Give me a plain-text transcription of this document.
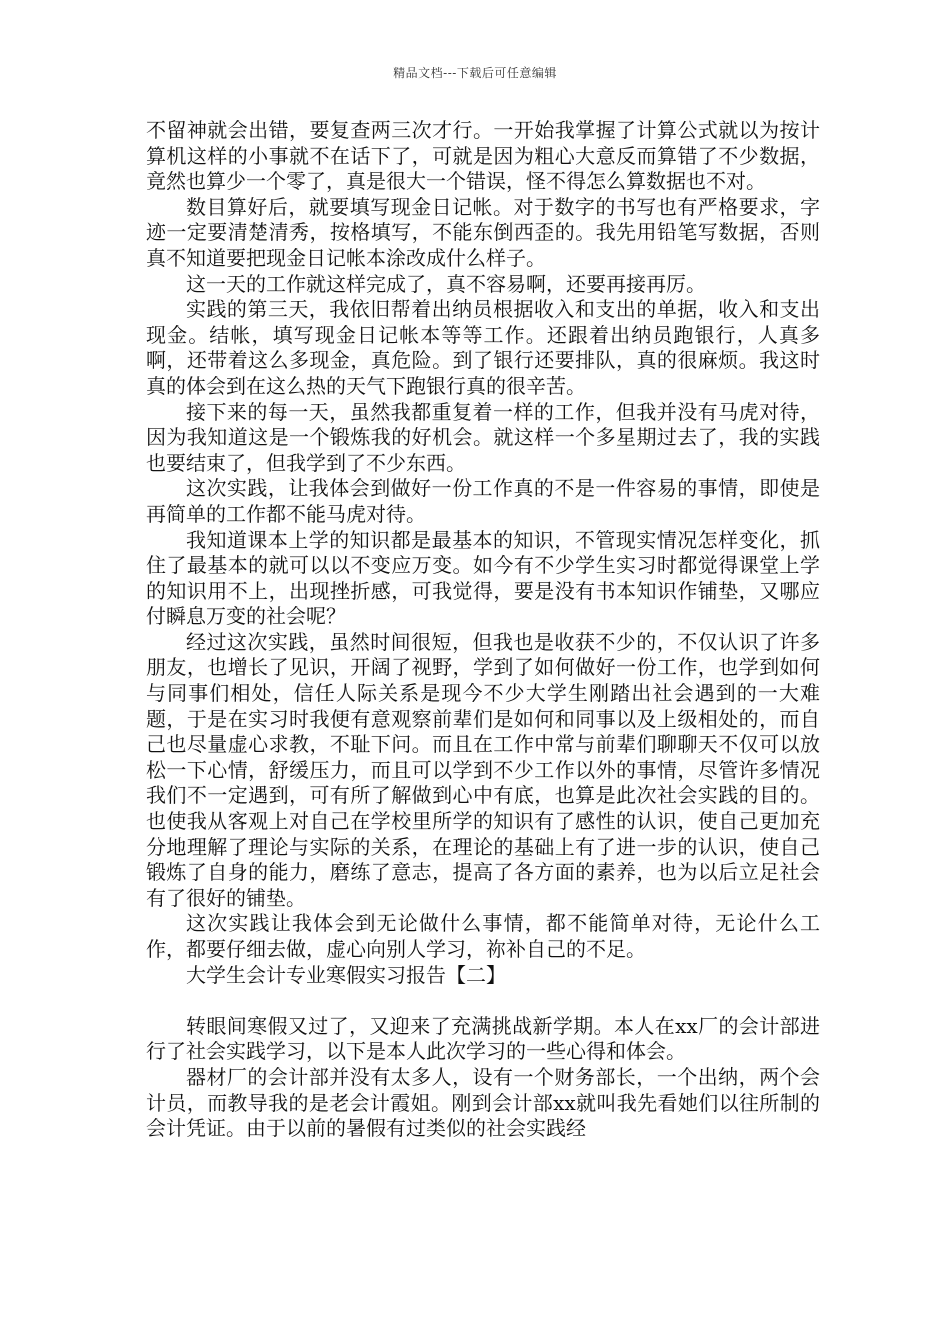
精品文档---下载后可任意编辑

不留神就会出错，要复查两三次才行。一开始我掌握了计算公式就以为按计算机这样的小事就不在话下了，可就是因为粗心大意反而算错了不少数据，竟然也算少一个零了，真是很大一个错误，怪不得怎么算数据也不对。

数目算好后，就要填写现金日记帐。对于数字的书写也有严格要求，字迹一定要清楚清秀，按格填写，不能东倒西歪的。我先用铅笔写数据，否则真不知道要把现金日记帐本涂改成什么样子。

这一天的工作就这样完成了，真不容易啊，还要再接再厉。

实践的第三天，我依旧帮着出纳员根据收入和支出的单据，收入和支出现金。结帐，填写现金日记帐本等等工作。还跟着出纳员跑银行，人真多啊，还带着这么多现金，真危险。到了银行还要排队，真的很麻烦。我这时真的体会到在这么热的天气下跑银行真的很辛苦。

接下来的每一天，虽然我都重复着一样的工作，但我并没有马虎对待，因为我知道这是一个锻炼我的好机会。就这样一个多星期过去了，我的实践也要结束了，但我学到了不少东西。

这次实践，让我体会到做好一份工作真的不是一件容易的事情，即使是再简单的工作都不能马虎对待。

我知道课本上学的知识都是最基本的知识，不管现实情况怎样变化，抓住了最基本的就可以以不变应万变。如今有不少学生实习时都觉得课堂上学的知识用不上，出现挫折感，可我觉得，要是没有书本知识作铺垫，又哪应付瞬息万变的社会呢？

经过这次实践，虽然时间很短，但我也是收获不少的，不仅认识了许多朋友，也增长了见识，开阔了视野，学到了如何做好一份工作，也学到如何与同事们相处，信任人际关系是现今不少大学生刚踏出社会遇到的一大难题，于是在实习时我便有意观察前辈们是如何和同事以及上级相处的，而自己也尽量虚心求教，不耻下问。而且在工作中常与前辈们聊聊天不仅可以放松一下心情，舒缓压力，而且可以学到不少工作以外的事情，尽管许多情况我们不一定遇到，可有所了解做到心中有底，也算是此次社会实践的目的。也使我从客观上对自己在学校里所学的知识有了感性的认识，使自己更加充分地理解了理论与实际的关系，在理论的基础上有了进一步的认识，使自己锻炼了自身的能力，磨练了意志，提高了各方面的素养，也为以后立足社会有了很好的铺垫。

这次实践让我体会到无论做什么事情，都不能简单对待，无论什么工作，都要仔细去做，虚心向别人学习，祢补自己的不足。

大学生会计专业寒假实习报告【二】

转眼间寒假又过了，又迎来了充满挑战新学期。本人在xx厂的会计部进行了社会实践学习，以下是本人此次学习的一些心得和体会。

器材厂的会计部并没有太多人，设有一个财务部长，一个出纳，两个会计员，而教导我的是老会计霞姐。刚到会计部xx就叫我先看她们以往所制的会计凭证。由于以前的暑假有过类似的社会实践经
